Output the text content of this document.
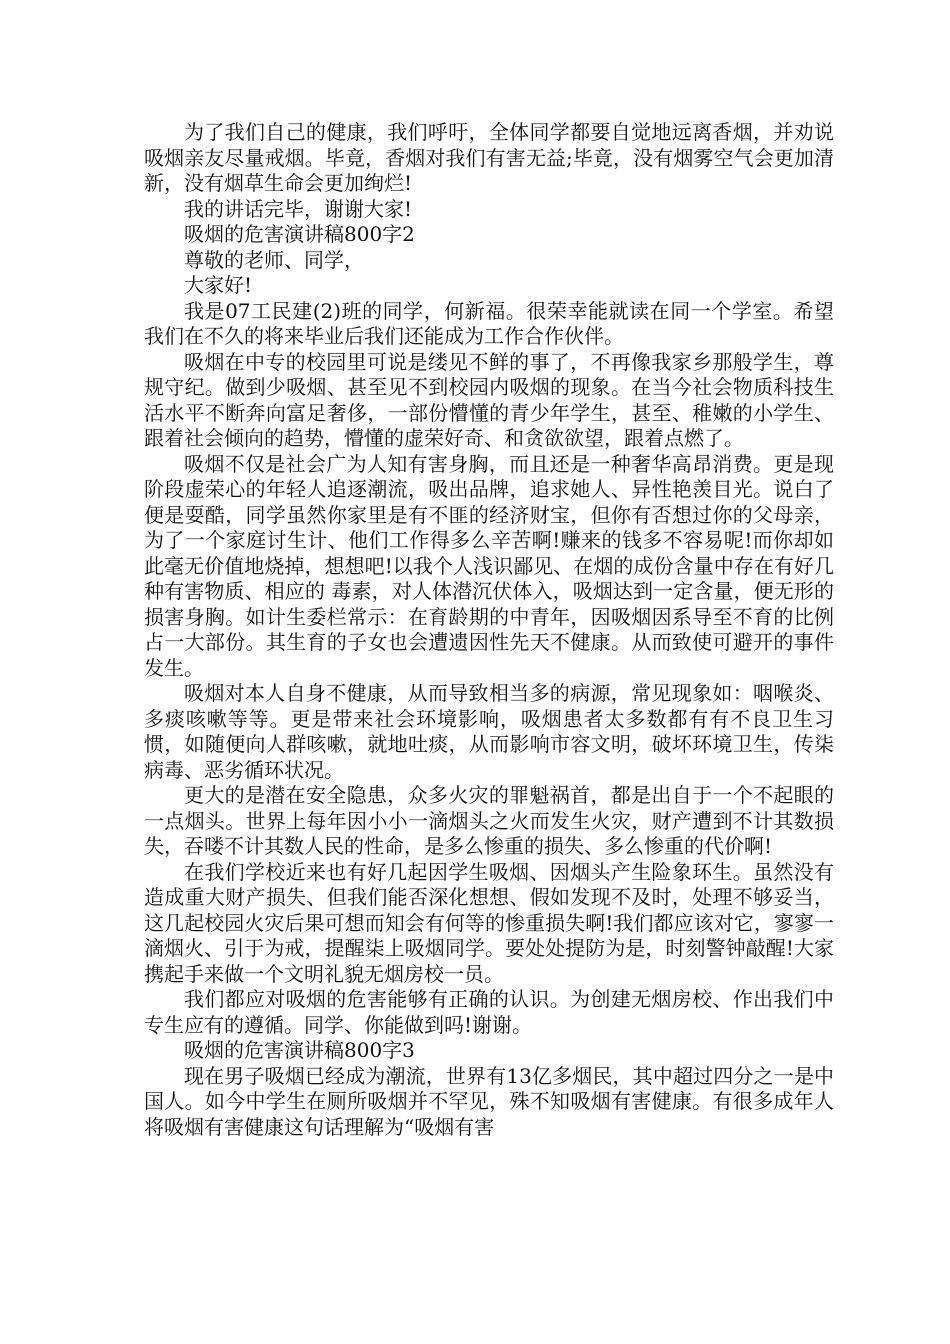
为了我们自己的健康，我们呼吁，全体同学都要自觉地远离香烟，并劝说吸烟亲友尽量戒烟。毕竟，香烟对我们有害无益;毕竟，没有烟雾空气会更加清新，没有烟草生命会更加绚烂!

我的讲话完毕，谢谢大家!

吸烟的危害演讲稿800字2

尊敬的老师、同学，

大家好!

我是07工民建(2)班的同学，何新福。很荣幸能就读在同一个学室。希望我们在不久的将来毕业后我们还能成为工作合作伙伴。

吸烟在中专的校园里可说是缕见不鲜的事了，不再像我家乡那般学生，尊规守纪。做到少吸烟、甚至见不到校园内吸烟的现象。在当今社会物质科技生活水平不断奔向富足奢侈，一部份懵懂的青少年学生，甚至、稚嫩的小学生、跟着社会倾向的趋势，懵懂的虚荣好奇、和贪欲欲望，跟着点燃了。

吸烟不仅是社会广为人知有害身胸，而且还是一种奢华高昂消费。更是现阶段虚荣心的年轻人追逐潮流，吸出品牌，追求她人、异性艳羡目光。说白了便是耍酷，同学虽然你家里是有不匪的经济财宝，但你有否想过你的父母亲，为了一个家庭讨生计、他们工作得多么辛苦啊!赚来的钱多不容易呢!而你却如此毫无价值地烧掉，想想吧!以我个人浅识鄙见、在烟的成份含量中存在有好几种有害物质、相应的 毒素，对人体潜沉伏体入，吸烟达到一定含量，便无形的损害身胸。如计生委栏常示：在育龄期的中青年，因吸烟因系导至不育的比例占一大部份。其生育的子女也会遭遗因性先天不健康。从而致使可避开的事件发生。

吸烟对本人自身不健康，从而导致相当多的病源，常见现象如：咽喉炎、多痰咳嗽等等。更是带来社会环境影响，吸烟患者太多数都有有不良卫生习惯，如随便向人群咳嗽，就地吐痰，从而影响市容文明，破坏环境卫生，传柒病毒、恶劣循环状况。

更大的是潜在安全隐患，众多火灾的罪魁祸首，都是出自于一个不起眼的一点烟头。世界上每年因小小一滴烟头之火而发生火灾，财产遭到不计其数损失，吞喽不计其数人民的性命，是多么惨重的损失、多么惨重的代价啊!

在我们学校近来也有好几起因学生吸烟、因烟头产生险象环生。虽然没有造成重大财产损失、但我们能否深化想想、假如发现不及时，处理不够妥当，这几起校园火灾后果可想而知会有何等的惨重损失啊!我们都应该对它，寥寥一滴烟火、引于为戒，提醒柒上吸烟同学。要处处提防为是，时刻警钟敲醒!大家携起手来做一个文明礼貌无烟房校一员。

我们都应对吸烟的危害能够有正确的认识。为创建无烟房校、作出我们中专生应有的遵循。同学、你能做到吗!谢谢。

吸烟的危害演讲稿800字3

现在男子吸烟已经成为潮流，世界有13亿多烟民，其中超过四分之一是中国人。如今中学生在厕所吸烟并不罕见，殊不知吸烟有害健康。有很多成年人将吸烟有害健康这句话理解为“吸烟有害
